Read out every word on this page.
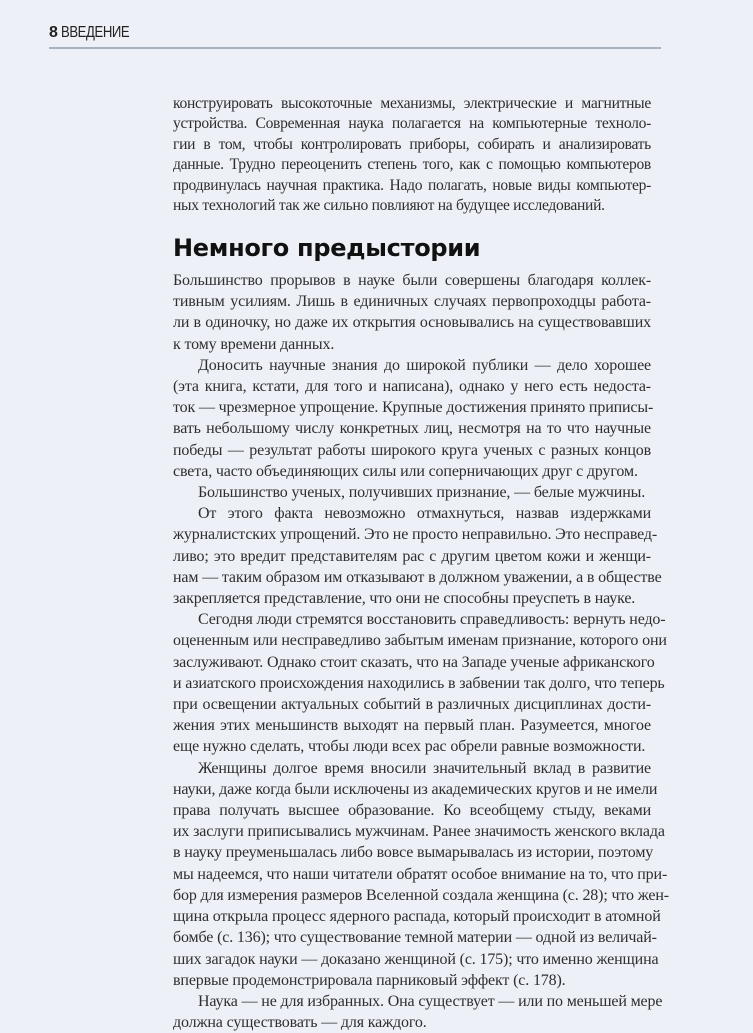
8 ВВЕДЕНИЕ
конструировать высокоточные механизмы, электрические и магнитные
устройства. Современная наука полагается на компьютерные техноло-
гии в том, чтобы контролировать приборы, собирать и анализировать
данные. Трудно переоценить степень того, как с помощью компьютеров
продвинулась научная практика. Надо полагать, новые виды компьютер-
ных технологий так же сильно повлияют на будущее исследований.
Немного предыстории
Большинство прорывов в науке были совершены благодаря коллек-
тивным усилиям. Лишь в единичных случаях первопроходцы работа-
ли в одиночку, но даже их открытия основывались на существовавших
к тому времени данных.
Доносить научные знания до широкой публики — дело хорошее
(эта книга, кстати, для того и написана), однако у него есть недоста-
ток — чрезмерное упрощение. Крупные достижения принято приписы-
вать небольшому числу конкретных лиц, несмотря на то что научные
победы — результат работы широкого круга ученых с разных концов
света, часто объединяющих силы или соперничающих друг с другом.
Большинство ученых, получивших признание, — белые мужчины.
От этого факта невозможно отмахнуться, назвав издержками
журналистских упрощений. Это не просто неправильно. Это несправед-
ливо; это вредит представителям рас с другим цветом кожи и женщи-
нам — таким образом им отказывают в должном уважении, а в обществе
закрепляется представление, что они не способны преуспеть в науке.
Сегодня люди стремятся восстановить справедливость: вернуть недо-
оцененным или несправедливо забытым именам признание, которого они
заслуживают. Однако стоит сказать, что на Западе ученые африканского
и азиатского происхождения находились в забвении так долго, что теперь
при освещении актуальных событий в различных дисциплинах дости-
жения этих меньшинств выходят на первый план. Разумеется, многое
еще нужно сделать, чтобы люди всех рас обрели равные возможности.
Женщины долгое время вносили значительный вклад в развитие
науки, даже когда были исключены из академических кругов и не имели
права получать высшее образование. Ко всеобщему стыду, веками
их заслуги приписывались мужчинам. Ранее значимость женского вклада
в науку преуменьшалась либо вовсе вымарывалась из истории, поэтому
мы надеемся, что наши читатели обратят особое внимание на то, что при-
бор для измерения размеров Вселенной создала женщина (с. 28); что жен-
щина открыла процесс ядерного распада, который происходит в атомной
бомбе (с. 136); что существование темной материи — одной из величай-
ших загадок науки — доказано женщиной (с. 175); что именно женщина
впервые продемонстрировала парниковый эффект (с. 178).
Наука — не для избранных. Она существует — или по меньшей мере
должна существовать — для каждого.
